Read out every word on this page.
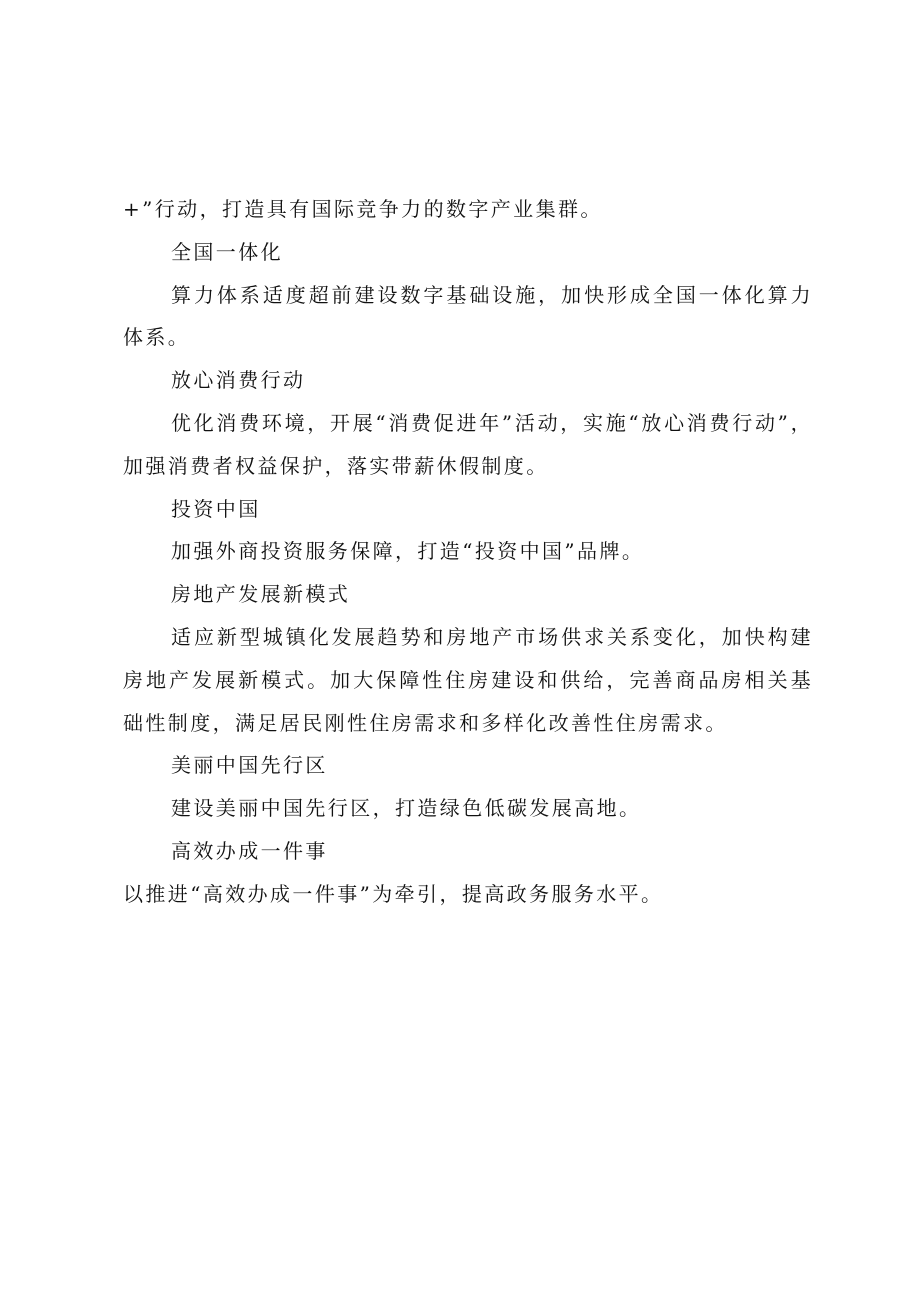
+”行动，打造具有国际竞争力的数字产业集群。

全国一体化

算力体系适度超前建设数字基础设施，加快形成全国一体化算力体系。

放心消费行动

优化消费环境，开展“消费促进年”活动，实施“放心消费行动”，加强消费者权益保护，落实带薪休假制度。

投资中国

加强外商投资服务保障，打造“投资中国”品牌。

房地产发展新模式

适应新型城镇化发展趋势和房地产市场供求关系变化，加快构建房地产发展新模式。加大保障性住房建设和供给，完善商品房相关基础性制度，满足居民刚性住房需求和多样化改善性住房需求。

美丽中国先行区

建设美丽中国先行区，打造绿色低碳发展高地。

高效办成一件事

以推进“高效办成一件事”为牵引，提高政务服务水平。
